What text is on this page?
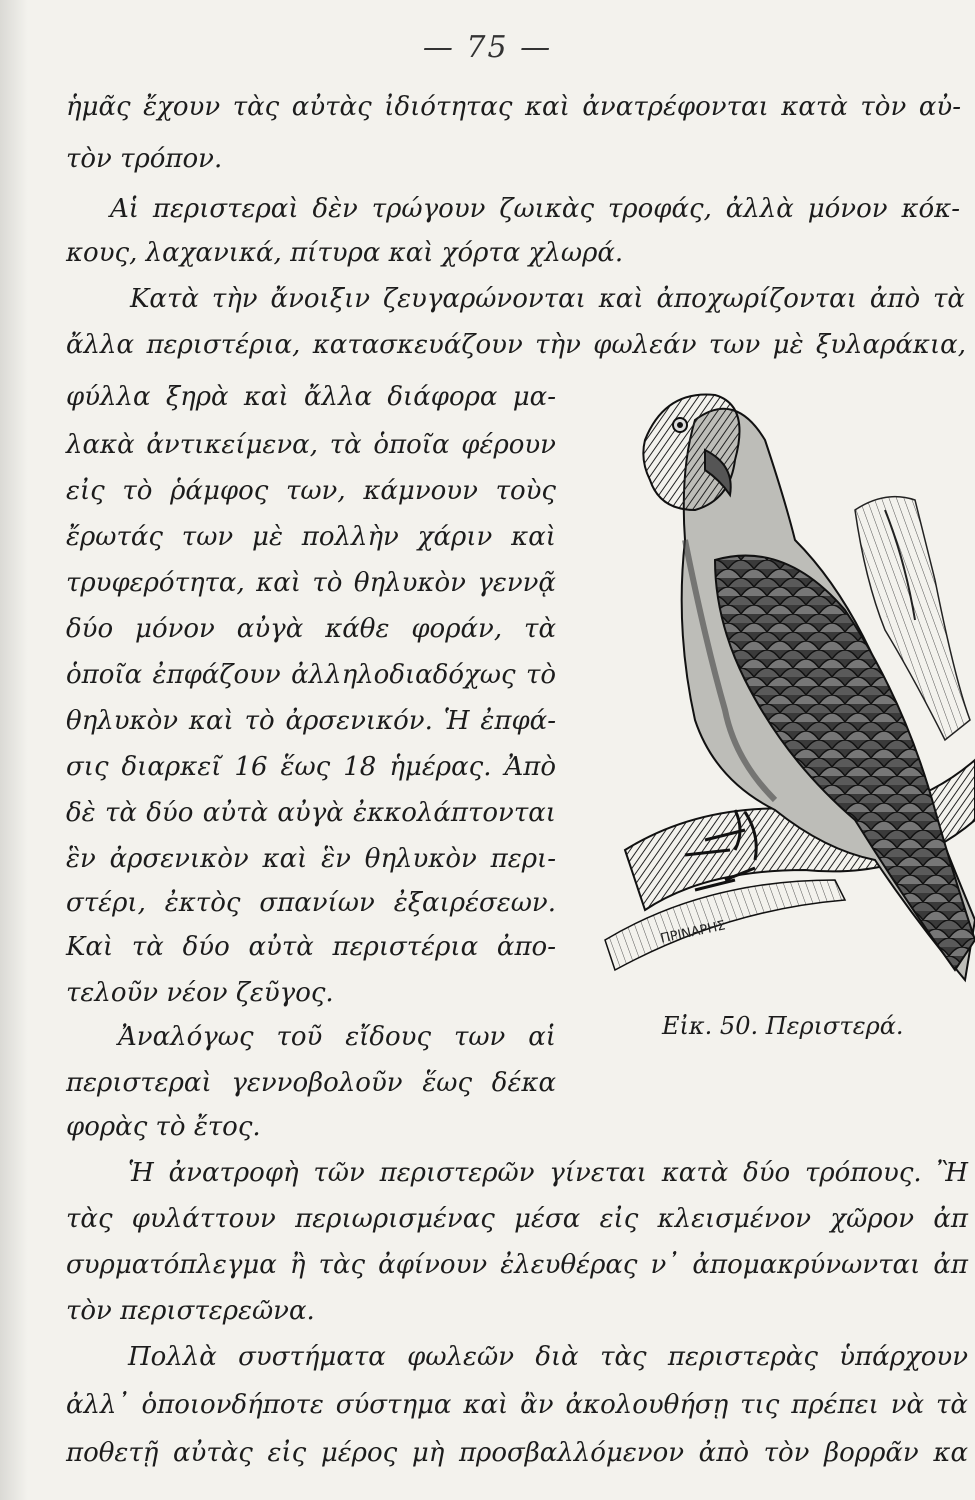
— 75 —
ἡμᾶς ἔχουν τὰς αὐτὰς ἰδιότητας καὶ ἀνατρέφονται κατὰ τὸν αὐ-
τὸν τρόπον.
Αἱ περιστεραὶ δὲν τρώγουν ζωικὰς τροφάς, ἀλλὰ μόνον κόκ-
κους, λαχανικά, πίτυρα καὶ χόρτα χλωρά.
Κατὰ τὴν ἄνοιξιν ζευγαρώνονται καὶ ἀποχωρίζονται ἀπὸ τὰ
ἄλλα περιστέρια, κατασκευάζουν τὴν φωλεάν των μὲ ξυλαράκια,
φύλλα ξηρὰ καὶ ἄλλα διάφορα μα-
λακὰ ἀντικείμενα, τὰ ὁποῖα φέρουν
εἰς τὸ ῥάμφος των, κάμνουν τοὺς
ἔρωτάς των μὲ πολλὴν χάριν καὶ
τρυφερότητα, καὶ τὸ θηλυκὸν γεννᾷ
δύο μόνον αὐγὰ κάθε φοράν, τὰ
ὁποῖα ἐπφάζουν ἀλληλοδιαδόχως τὸ
θηλυκὸν καὶ τὸ ἀρσενικόν. Ἡ ἐπφά-
σις διαρκεῖ 16 ἕως 18 ἡμέρας. Ἀπὸ
δὲ τὰ δύο αὐτὰ αὐγὰ ἐκκολάπτονται
ἓν ἀρσενικὸν καὶ ἓν θηλυκὸν περι-
στέρι, ἐκτὸς σπανίων ἐξαιρέσεων.
Καὶ τὰ δύο αὐτὰ περιστέρια ἀπο-
τελοῦν νέον ζεῦγος.
Ἀναλόγως τοῦ εἴδους των αἱ
περιστεραὶ γεννοβολοῦν ἕως δέκα
φορὰς τὸ ἔτος.
Ἡ ἀνατροφὴ τῶν περιστερῶν γίνεται κατὰ δύο τρόπους. Ἢ
τὰς φυλάττουν περιωρισμένας μέσα εἰς κλεισμένον χῶρον ἀπ
συρματόπλεγμα ἢ τὰς ἀφίνουν ἐλευθέρας ν᾽ ἀπομακρύνωνται ἀπ
τὸν περιστερεῶνα.
Πολλὰ συστήματα φωλεῶν διὰ τὰς περιστερὰς ὑπάρχουν
ἀλλ᾽ ὁποιονδήποτε σύστημα καὶ ἂν ἀκολουθήσῃ τις πρέπει νὰ τὰ
ποθετῇ αὐτὰς εἰς μέρος μὴ προσβαλλόμενον ἀπὸ τὸν βορρᾶν κα
ΠΡΙΝΑΡΗΣ
Εἰκ. 50. Περιστερά.
